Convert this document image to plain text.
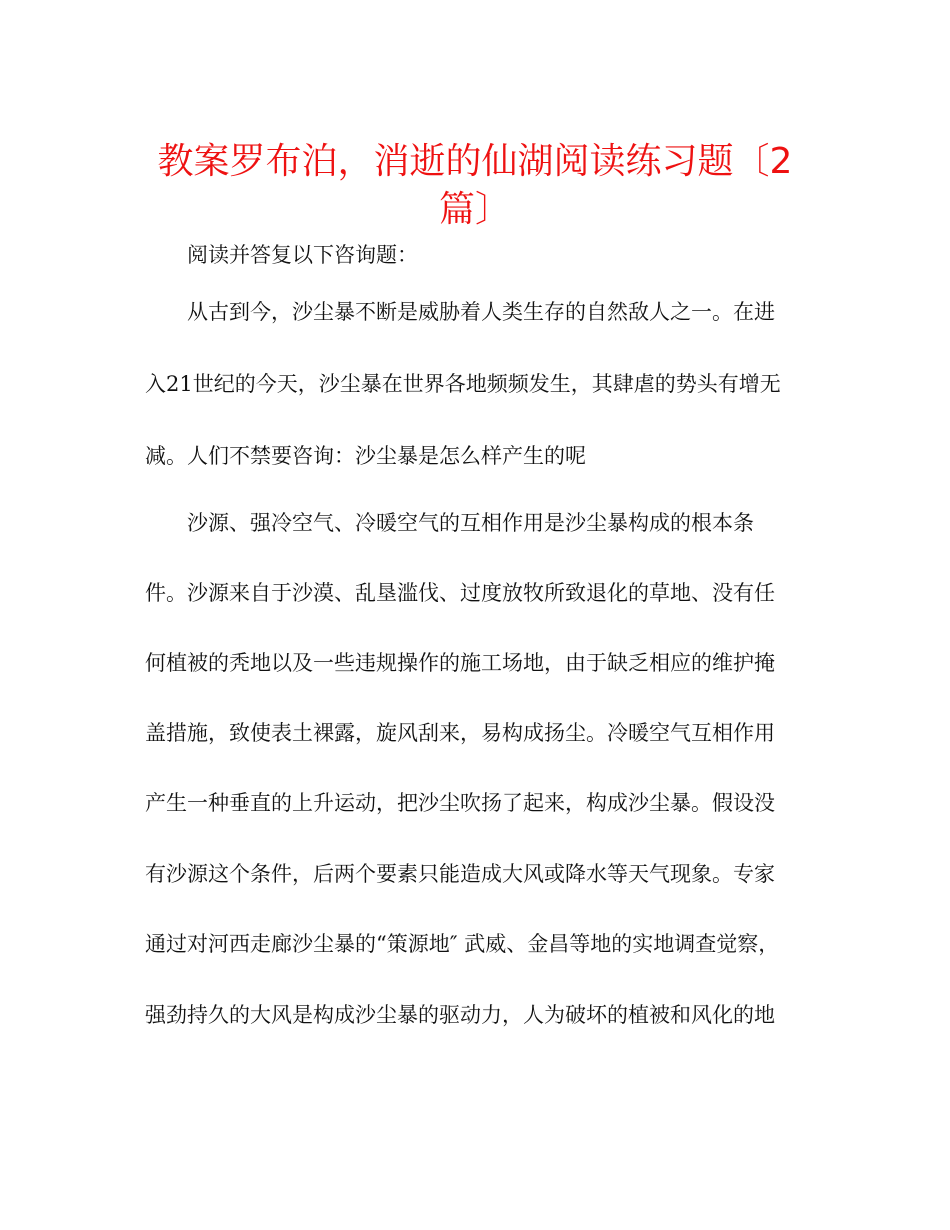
教案罗布泊，消逝的仙湖阅读练习题〔2篇〕

阅读并答复以下咨询题：

从古到今，沙尘暴不断是威胁着人类生存的自然敌人之一。在进

入21世纪的今天，沙尘暴在世界各地频频发生，其肆虐的势头有增无

减。人们不禁要咨询：沙尘暴是怎么样产生的呢

沙源、强冷空气、冷暖空气的互相作用是沙尘暴构成的根本条

件。沙源来自于沙漠、乱垦滥伐、过度放牧所致退化的草地、没有任

何植被的秃地以及一些违规操作的施工场地，由于缺乏相应的维护掩

盖措施，致使表土裸露，旋风刮来，易构成扬尘。冷暖空气互相作用

产生一种垂直的上升运动，把沙尘吹扬了起来，构成沙尘暴。假设没

有沙源这个条件，后两个要素只能造成大风或降水等天气现象。专家

通过对河西走廊沙尘暴的“策源地″ 武威、金昌等地的实地调查觉察，

强劲持久的大风是构成沙尘暴的驱动力，人为破坏的植被和风化的地
